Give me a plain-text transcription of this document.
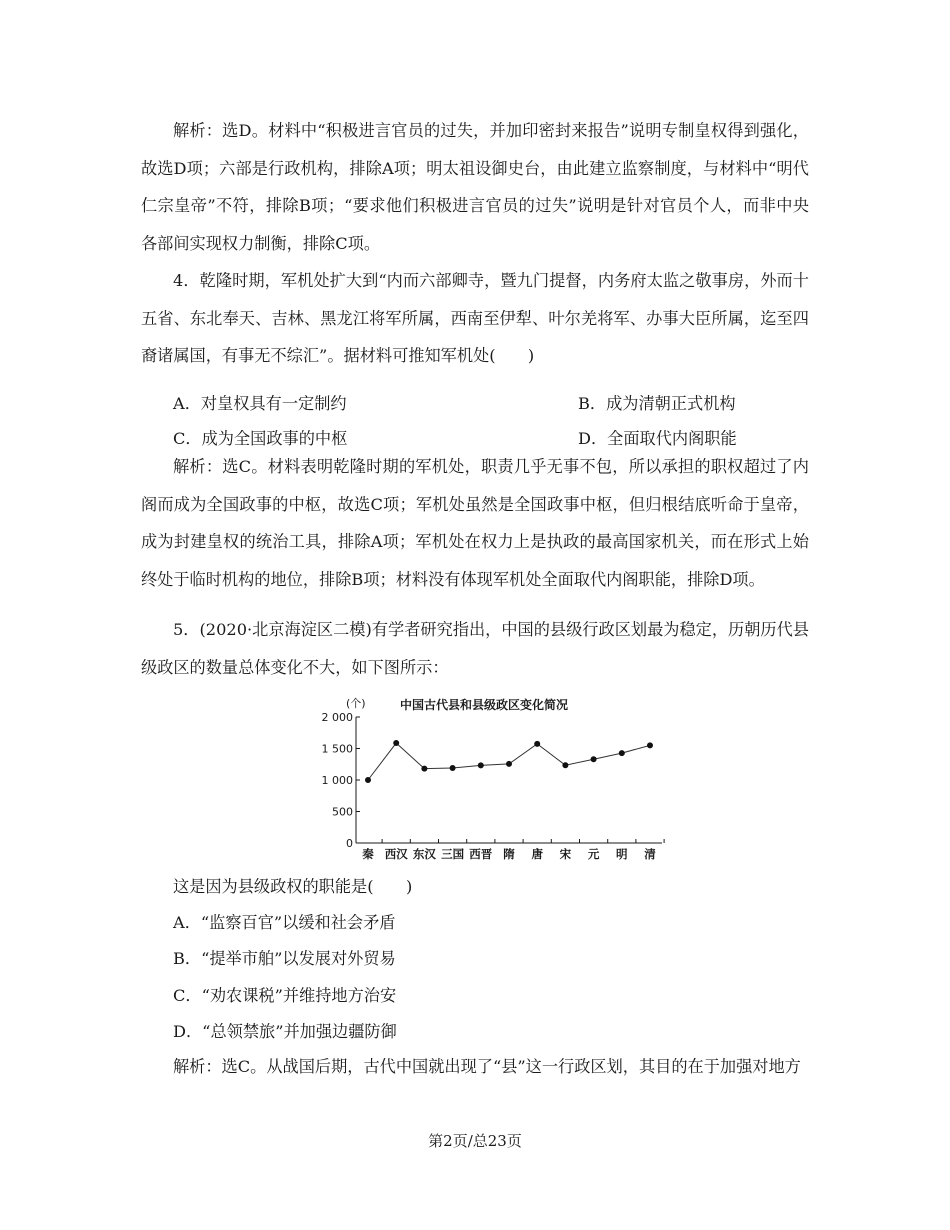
解析：选D。材料中“积极进言官员的过失，并加印密封来报告”说明专制皇权得到强化，故选D项；六部是行政机构，排除A项；明太祖设御史台，由此建立监察制度，与材料中“明代仁宗皇帝”不符，排除B项；“要求他们积极进言官员的过失”说明是针对官员个人，而非中央各部间实现权力制衡，排除C项。

4．乾隆时期，军机处扩大到“内而六部卿寺，暨九门提督，内务府太监之敬事房，外而十五省、东北奉天、吉林、黑龙江将军所属，西南至伊犁、叶尔羌将军、办事大臣所属，迄至四裔诸属国，有事无不综汇”。据材料可推知军机处(　　)

A．对皇权具有一定制约	B．成为清朝正式机构
C．成为全国政事的中枢	D．全面取代内阁职能

解析：选C。材料表明乾隆时期的军机处，职责几乎无事不包，所以承担的职权超过了内阁而成为全国政事的中枢，故选C项；军机处虽然是全国政事中枢，但归根结底听命于皇帝，成为封建皇权的统治工具，排除A项；军机处在权力上是执政的最高国家机关，而在形式上始终处于临时机构的地位，排除B项；材料没有体现军机处全面取代内阁职能，排除D项。

5．(2020·北京海淀区二模)有学者研究指出，中国的县级行政区划最为稳定，历朝历代县级政区的数量总体变化不大，如下图所示：

(个)	中国古代县和县级政区变化简况
2 000
1 500
1 000
500
0
秦 西汉 东汉 三国 西晋 隋 唐 宋 元 明 清
这是因为县级政权的职能是(　　)
A．“监察百官”以缓和社会矛盾
B．“提举市舶”以发展对外贸易
C．“劝农课税”并维持地方治安
D．“总领禁旅”并加强边疆防御
解析：选C。从战国后期，古代中国就出现了“县”这一行政区划，其目的在于加强对地方
第2页/总23页
